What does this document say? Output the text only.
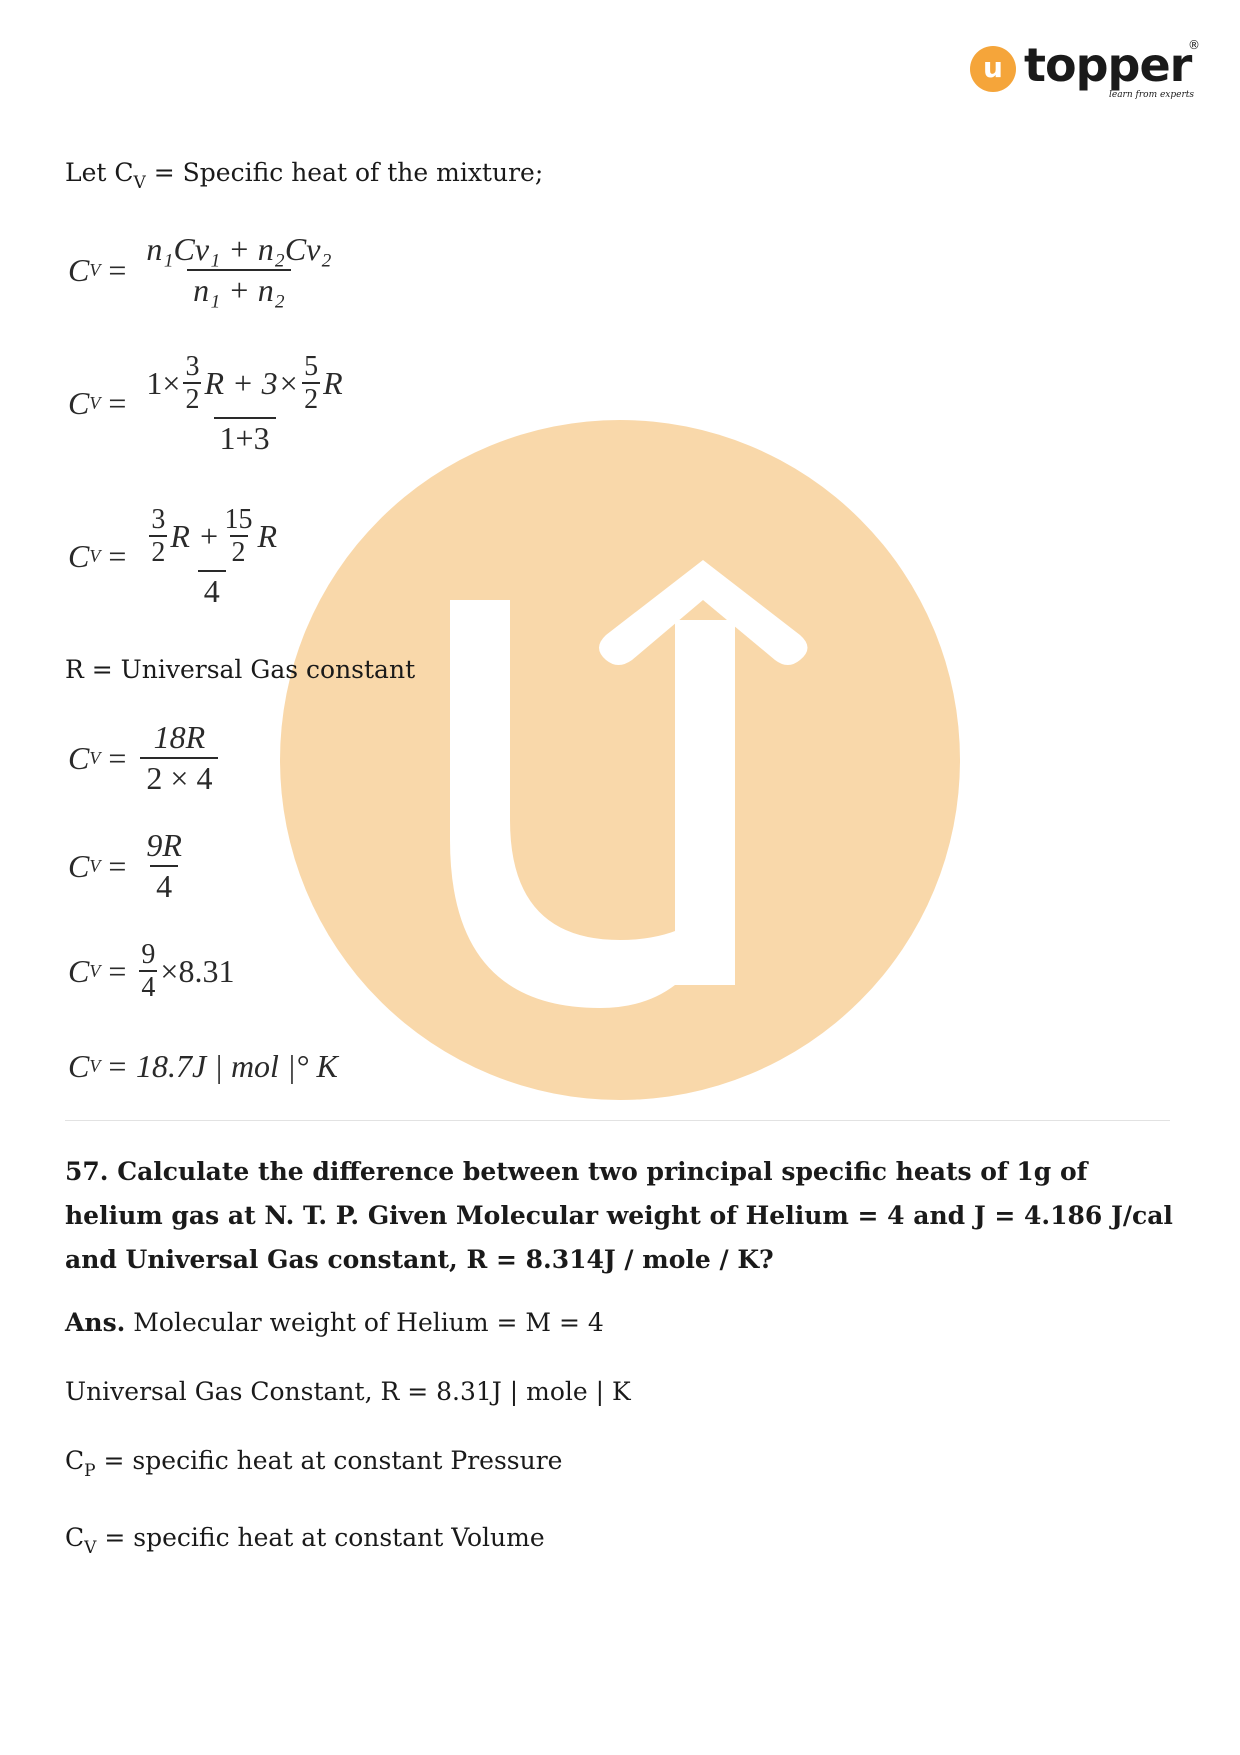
u topper
®
learn from experts
Let $C_V$ = Specific heat of the mixture;
C $V = \frac{\text{n₁Cv₁ + n₂Cv₂}}{\text{n₁ + n₂}}$
C $V = \frac{1\times \frac{3}{2} R + 3\times \frac{5}{2} R}{1+3}$
C $V = \frac{\frac{3}{2} R + \frac{15}{2} R}{4}$
R = Universal Gas constant
C $V = \frac{18R}{2 \times 4}$
C $V = \frac{9R}{4}$
C $V = \frac{9}{4} \times 8.31$
C V = 18.7J | mol |° K
57. Calculate the difference between two principal specific heats of 1g of helium gas at N. T. P. Given Molecular weight of Helium = 4 and J = 4.186 J/cal and Universal Gas constant, R = 8.314J / mole / K?
Ans. Molecular weight of Helium = M = 4
Universal Gas Constant, R = 8.31J | mole | K
$C_P$ = specific heat at constant Pressure
$C_V$ = specific heat at constant Volume
